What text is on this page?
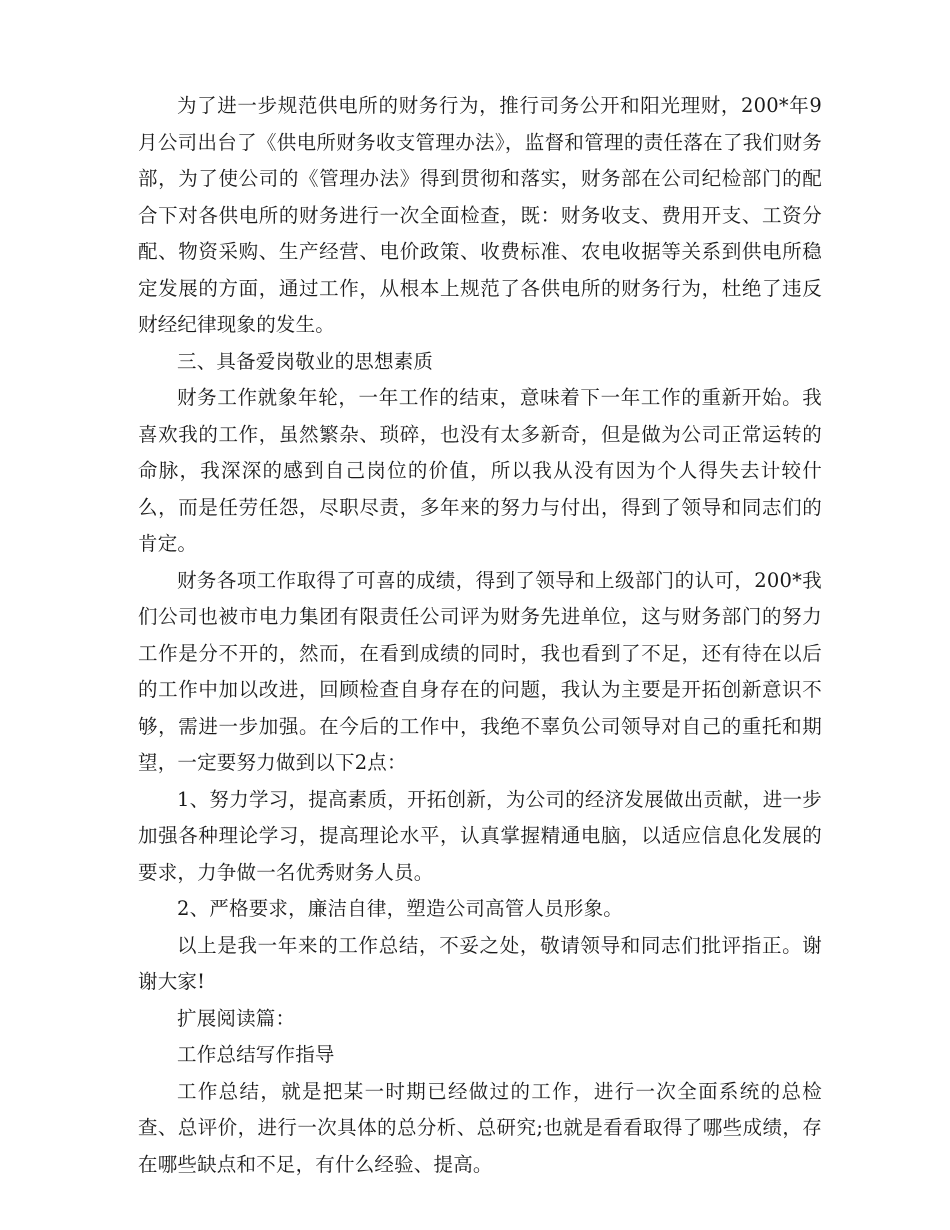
为了进一步规范供电所的财务行为，推行司务公开和阳光理财，200*年9月公司出台了《供电所财务收支管理办法》，监督和管理的责任落在了我们财务部，为了使公司的《管理办法》得到贯彻和落实，财务部在公司纪检部门的配合下对各供电所的财务进行一次全面检查，既：财务收支、费用开支、工资分配、物资采购、生产经营、电价政策、收费标准、农电收据等关系到供电所稳定发展的方面，通过工作，从根本上规范了各供电所的财务行为，杜绝了违反财经纪律现象的发生。

三、具备爱岗敬业的思想素质

财务工作就象年轮，一年工作的结束，意味着下一年工作的重新开始。我喜欢我的工作，虽然繁杂、琐碎，也没有太多新奇，但是做为公司正常运转的命脉，我深深的感到自己岗位的价值，所以我从没有因为个人得失去计较什么，而是任劳任怨，尽职尽责，多年来的努力与付出，得到了领导和同志们的肯定。

财务各项工作取得了可喜的成绩，得到了领导和上级部门的认可，200*我们公司也被市电力集团有限责任公司评为财务先进单位，这与财务部门的努力工作是分不开的，然而，在看到成绩的同时，我也看到了不足，还有待在以后的工作中加以改进，回顾检查自身存在的问题，我认为主要是开拓创新意识不够，需进一步加强。在今后的工作中，我绝不辜负公司领导对自己的重托和期望，一定要努力做到以下2点：

1、努力学习，提高素质，开拓创新，为公司的经济发展做出贡献，进一步加强各种理论学习，提高理论水平，认真掌握精通电脑，以适应信息化发展的要求，力争做一名优秀财务人员。

2、严格要求，廉洁自律，塑造公司高管人员形象。

以上是我一年来的工作总结，不妥之处，敬请领导和同志们批评指正。谢谢大家!

扩展阅读篇：

工作总结写作指导

工作总结，就是把某一时期已经做过的工作，进行一次全面系统的总检查、总评价，进行一次具体的总分析、总研究;也就是看看取得了哪些成绩，存在哪些缺点和不足，有什么经验、提高。
